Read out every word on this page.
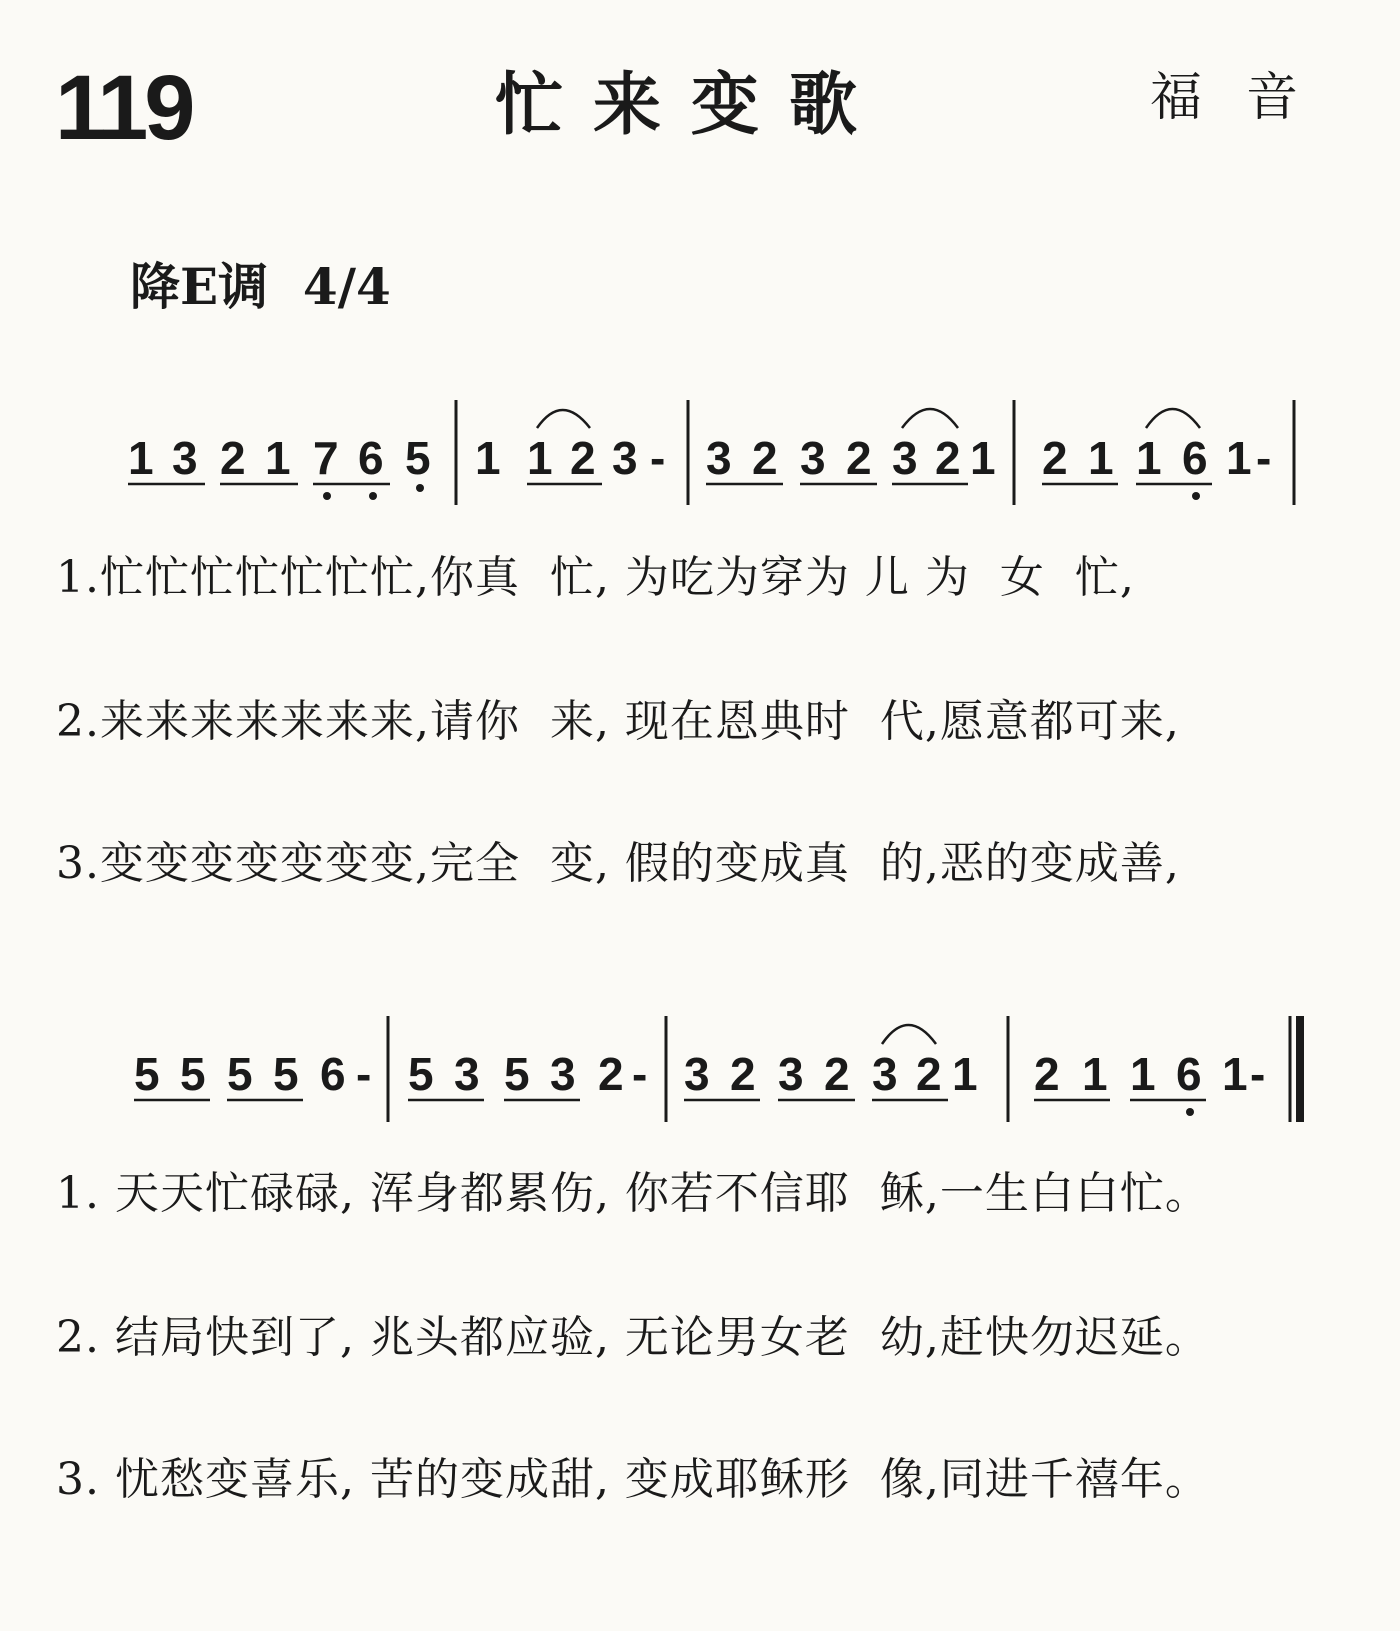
119	忙来变歌	福音
降E调  4/4
1 3 2 1 7 6 5 1 1 2 3 - 3 2 3 2 3 2 1 2 1 1 6 1 -
5 5 5 5 6 - 5 3 5 3 2 - 3 2 3 2 3 2 1 2 1 1 6 1 -
1.忙忙忙忙忙忙忙,你真  忙, 为吃为穿为 儿 为  女  忙,
2.来来来来来来来,请你  来, 现在恩典时  代,愿意都可来,
3.变变变变变变变,完全  变, 假的变成真  的,恶的变成善,
1. 天天忙碌碌, 浑身都累伤, 你若不信耶  稣,一生白白忙。
2. 结局快到了, 兆头都应验, 无论男女老  幼,赶快勿迟延。
3. 忧愁变喜乐, 苦的变成甜, 变成耶稣形  像,同进千禧年。
